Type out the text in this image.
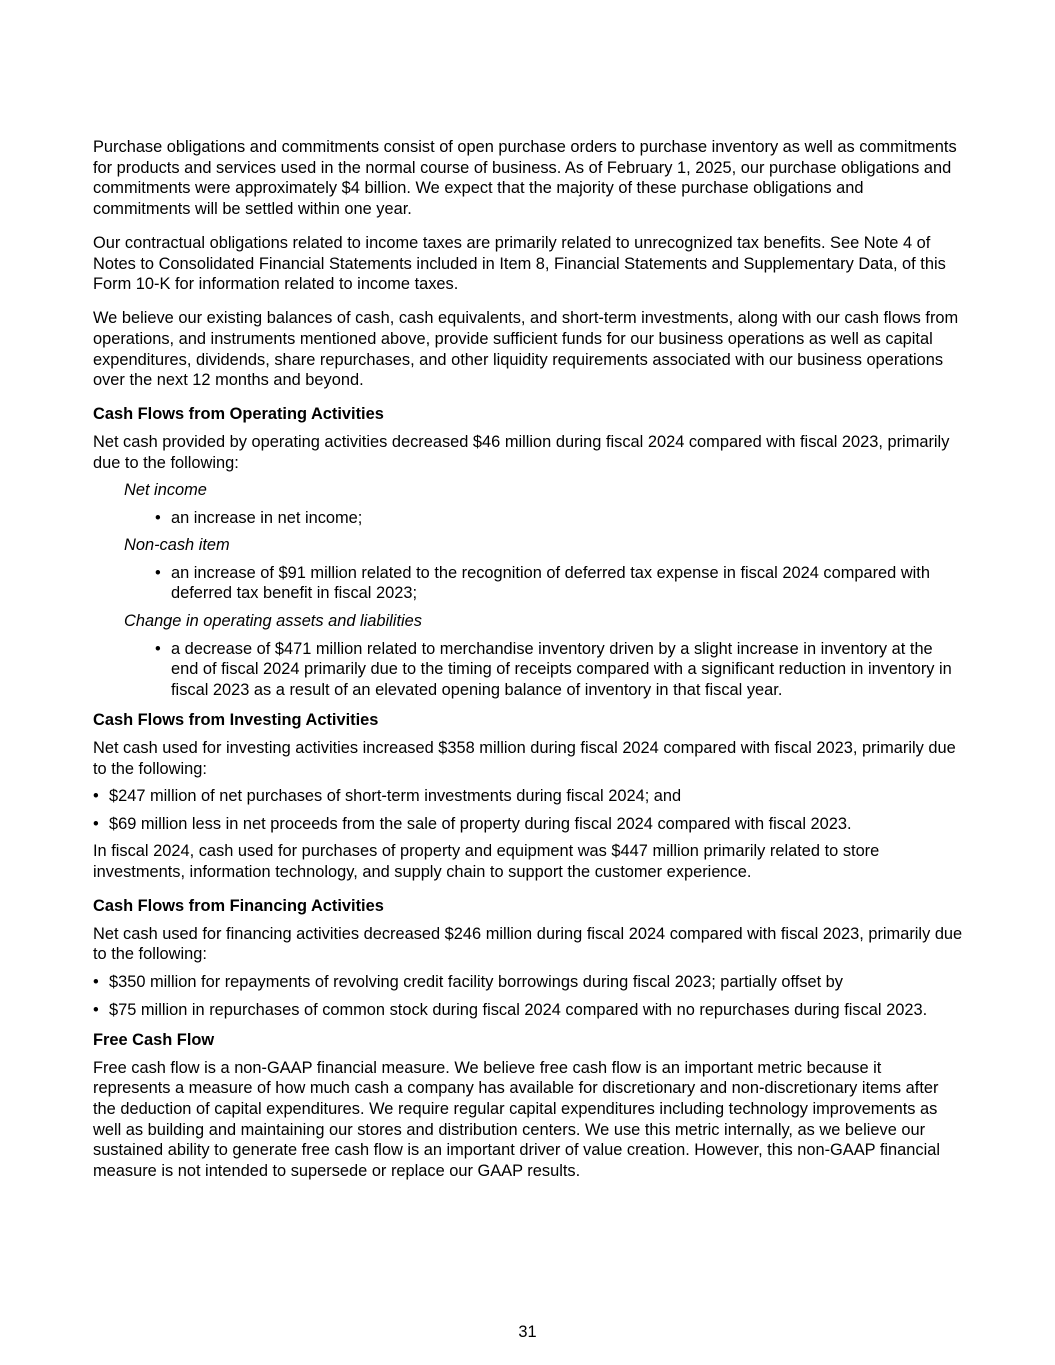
Purchase obligations and commitments consist of open purchase orders to purchase inventory as well as commitments for products and services used in the normal course of business. As of February 1, 2025, our purchase obligations and commitments were approximately $4 billion. We expect that the majority of these purchase obligations and commitments will be settled within one year.

Our contractual obligations related to income taxes are primarily related to unrecognized tax benefits. See Note 4 of Notes to Consolidated Financial Statements included in Item 8, Financial Statements and Supplementary Data, of this Form 10-K for information related to income taxes.

We believe our existing balances of cash, cash equivalents, and short-term investments, along with our cash flows from operations, and instruments mentioned above, provide sufficient funds for our business operations as well as capital expenditures, dividends, share repurchases, and other liquidity requirements associated with our business operations over the next 12 months and beyond.

Cash Flows from Operating Activities

Net cash provided by operating activities decreased $46 million during fiscal 2024 compared with fiscal 2023, primarily due to the following:

Net income
• an increase in net income;
Non-cash item
• an increase of $91 million related to the recognition of deferred tax expense in fiscal 2024 compared with deferred tax benefit in fiscal 2023;
Change in operating assets and liabilities
• a decrease of $471 million related to merchandise inventory driven by a slight increase in inventory at the end of fiscal 2024 primarily due to the timing of receipts compared with a significant reduction in inventory in fiscal 2023 as a result of an elevated opening balance of inventory in that fiscal year.
Cash Flows from Investing Activities

Net cash used for investing activities increased $358 million during fiscal 2024 compared with fiscal 2023, primarily due to the following:

• $247 million of net purchases of short-term investments during fiscal 2024; and
• $69 million less in net proceeds from the sale of property during fiscal 2024 compared with fiscal 2023.

In fiscal 2024, cash used for purchases of property and equipment was $447 million primarily related to store investments, information technology, and supply chain to support the customer experience.

Cash Flows from Financing Activities

Net cash used for financing activities decreased $246 million during fiscal 2024 compared with fiscal 2023, primarily due to the following:

• $350 million for repayments of revolving credit facility borrowings during fiscal 2023; partially offset by
• $75 million in repurchases of common stock during fiscal 2024 compared with no repurchases during fiscal 2023.
Free Cash Flow

Free cash flow is a non-GAAP financial measure. We believe free cash flow is an important metric because it represents a measure of how much cash a company has available for discretionary and non-discretionary items after the deduction of capital expenditures. We require regular capital expenditures including technology improvements as well as building and maintaining our stores and distribution centers. We use this metric internally, as we believe our sustained ability to generate free cash flow is an important driver of value creation. However, this non-GAAP financial measure is not intended to supersede or replace our GAAP results.

31
